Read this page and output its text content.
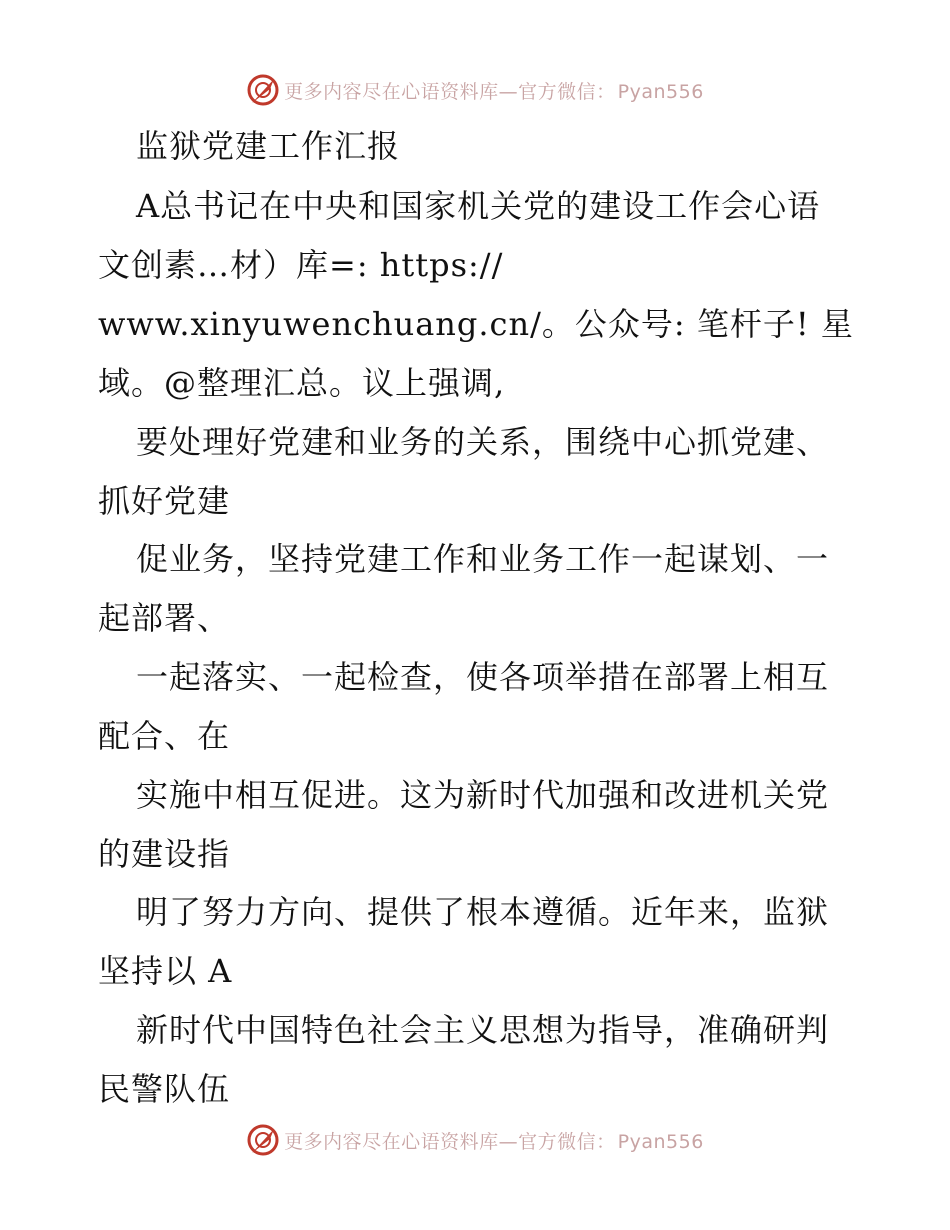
更多内容尽在心语资料库—官方微信： Pyan556
监狱党建工作汇报
A总书记在中央和国家机关党的建设工作会心语
文创素…材）库=: https://
www.xinyuwenchuang.cn/。公众号: 笔杆子! 星
域。@整理汇总。议上强调,
要处理好党建和业务的关系，围绕中心抓党建、
抓好党建
促业务，坚持党建工作和业务工作一起谋划、一
起部署、
一起落实、一起检查，使各项举措在部署上相互
配合、在
实施中相互促进。这为新时代加强和改进机关党
的建设指
明了努力方向、提供了根本遵循。近年来，监狱
坚持以 A
新时代中国特色社会主义思想为指导，准确研判
民警队伍
更多内容尽在心语资料库—官方微信： Pyan556
